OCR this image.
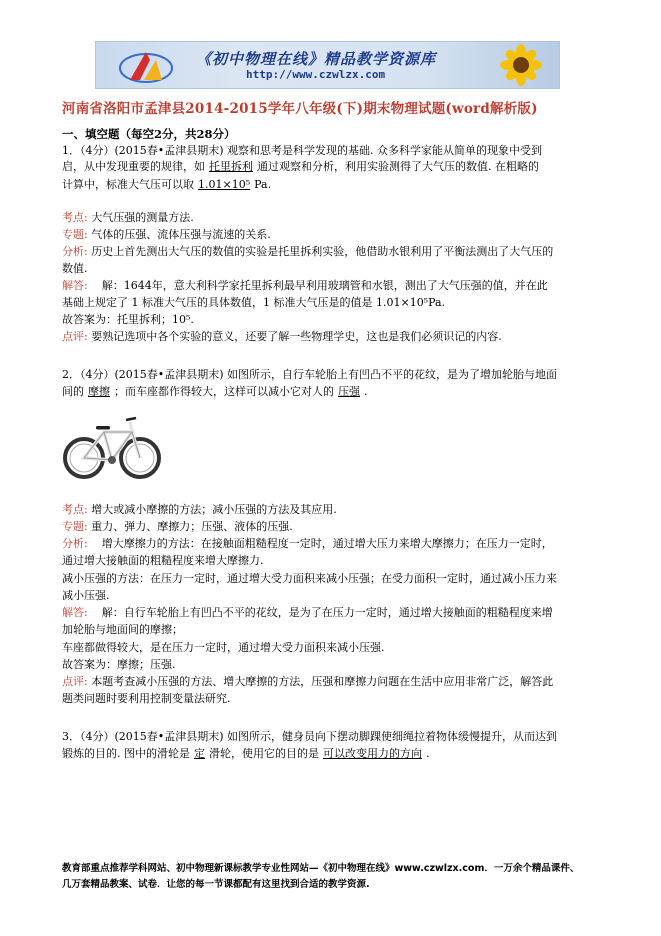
《初中物理在线》精品教学资源库
http://www.czwlzx.com
河南省洛阳市孟津县2014-2015学年八年级(下)期末物理试题(word解析版)
一、填空题（每空2分，共28分）
1．（4分）(2015春•孟津县期末) 观察和思考是科学发现的基础. 众多科学家能从简单的现象中受到
启，从中发现重要的规律，如 托里拆利 通过观察和分析，利用实验测得了大气压的数值. 在粗略的
计算中，标准大气压可以取 1.01×10⁵ Pa.
考点: 大气压强的测量方法.
专题: 气体的压强、流体压强与流速的关系.
分析: 历史上首先测出大气压的数值的实验是托里拆利实验，他借助水银利用了平衡法测出了大气压的
数值.
解答: 解：1644年，意大利科学家托里拆利最早利用玻璃管和水银，测出了大气压强的值，并在此
基础上规定了 1 标准大气压的具体数值，1 标准大气压是的值是 1.01×10⁵Pa.
故答案为：托里拆利；10⁵.
点评: 要熟记选项中各个实验的意义，还要了解一些物理学史，这也是我们必须识记的内容.
2．（4分）(2015春•孟津县期末) 如图所示，自行车轮胎上有凹凸不平的花纹，是为了增加轮胎与地面
间的 摩擦 ；而车座都作得较大，这样可以减小它对人的 压强 .
考点: 增大或减小摩擦的方法；减小压强的方法及其应用.
专题: 重力、弹力、摩擦力；压强、液体的压强.
分析: 增大摩擦力的方法：在接触面粗糙程度一定时，通过增大压力来增大摩擦力；在压力一定时，
通过增大接触面的粗糙程度来增大摩擦力.
减小压强的方法：在压力一定时，通过增大受力面积来减小压强；在受力面积一定时，通过减小压力来
减小压强.
解答: 解：自行车轮胎上有凹凸不平的花纹，是为了在压力一定时，通过增大接触面的粗糙程度来增
加轮胎与地面间的摩擦；
车座都做得较大，是在压力一定时，通过增大受力面积来减小压强.
故答案为：摩擦；压强.
点评: 本题考查减小压强的方法、增大摩擦的方法，压强和摩擦力问题在生活中应用非常广泛，解答此
题类问题时要利用控制变量法研究.
3．（4分）(2015春•孟津县期末) 如图所示，健身员向下摆动脚踝使细绳拉着物体缓慢提升，从而达到
锻炼的目的. 图中的滑轮是 定 滑轮，使用它的目的是 可以改变用力的方向 .
教育部重点推荐学科网站、初中物理新课标教学专业性网站—《初中物理在线》www.czwlzx.com．一万余个精品课件、
几万套精品教案、试卷．让您的每一节课都配有这里找到合适的教学资源.
